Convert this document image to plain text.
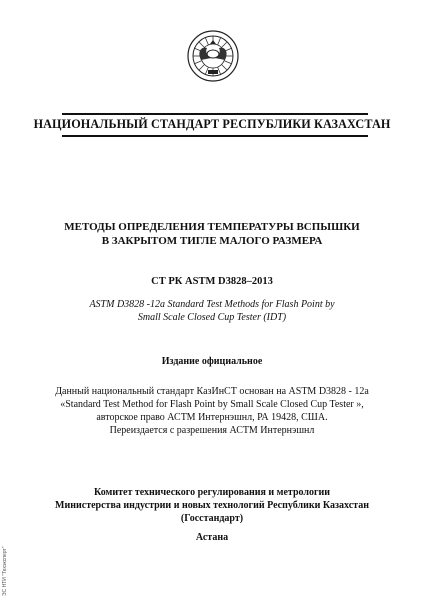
НАЦИОНАЛЬНЫЙ СТАНДАРТ РЕСПУБЛИКИ КАЗАХСТАН
МЕТОДЫ ОПРЕДЕЛЕНИЯ ТЕМПЕРАТУРЫ ВСПЫШКИ
В ЗАКРЫТОМ ТИГЛЕ МАЛОГО РАЗМЕРА
СТ РК ASTM D3828–2013
ASTM D3828 -12a Standard Test Methods for Flash Point by
Small Scale Closed Cup Tester (IDT)
Издание официальное
Данный национальный стандарт КазИнСТ основан на ASTM D3828 - 12a
«Standard Test Method for Flash Point by Small Scale Closed Cup Tester »,
авторское право АСТМ Интернэшнл, РА 19428, США.
Переиздается с разрешения АСТМ Интернэшнл
Комитет технического регулирования и метрологии
Министерства индустрии и новых технологий Республики Казахстан
(Госстандарт)
Астана
ЭС НТИ "Техэксперт"
